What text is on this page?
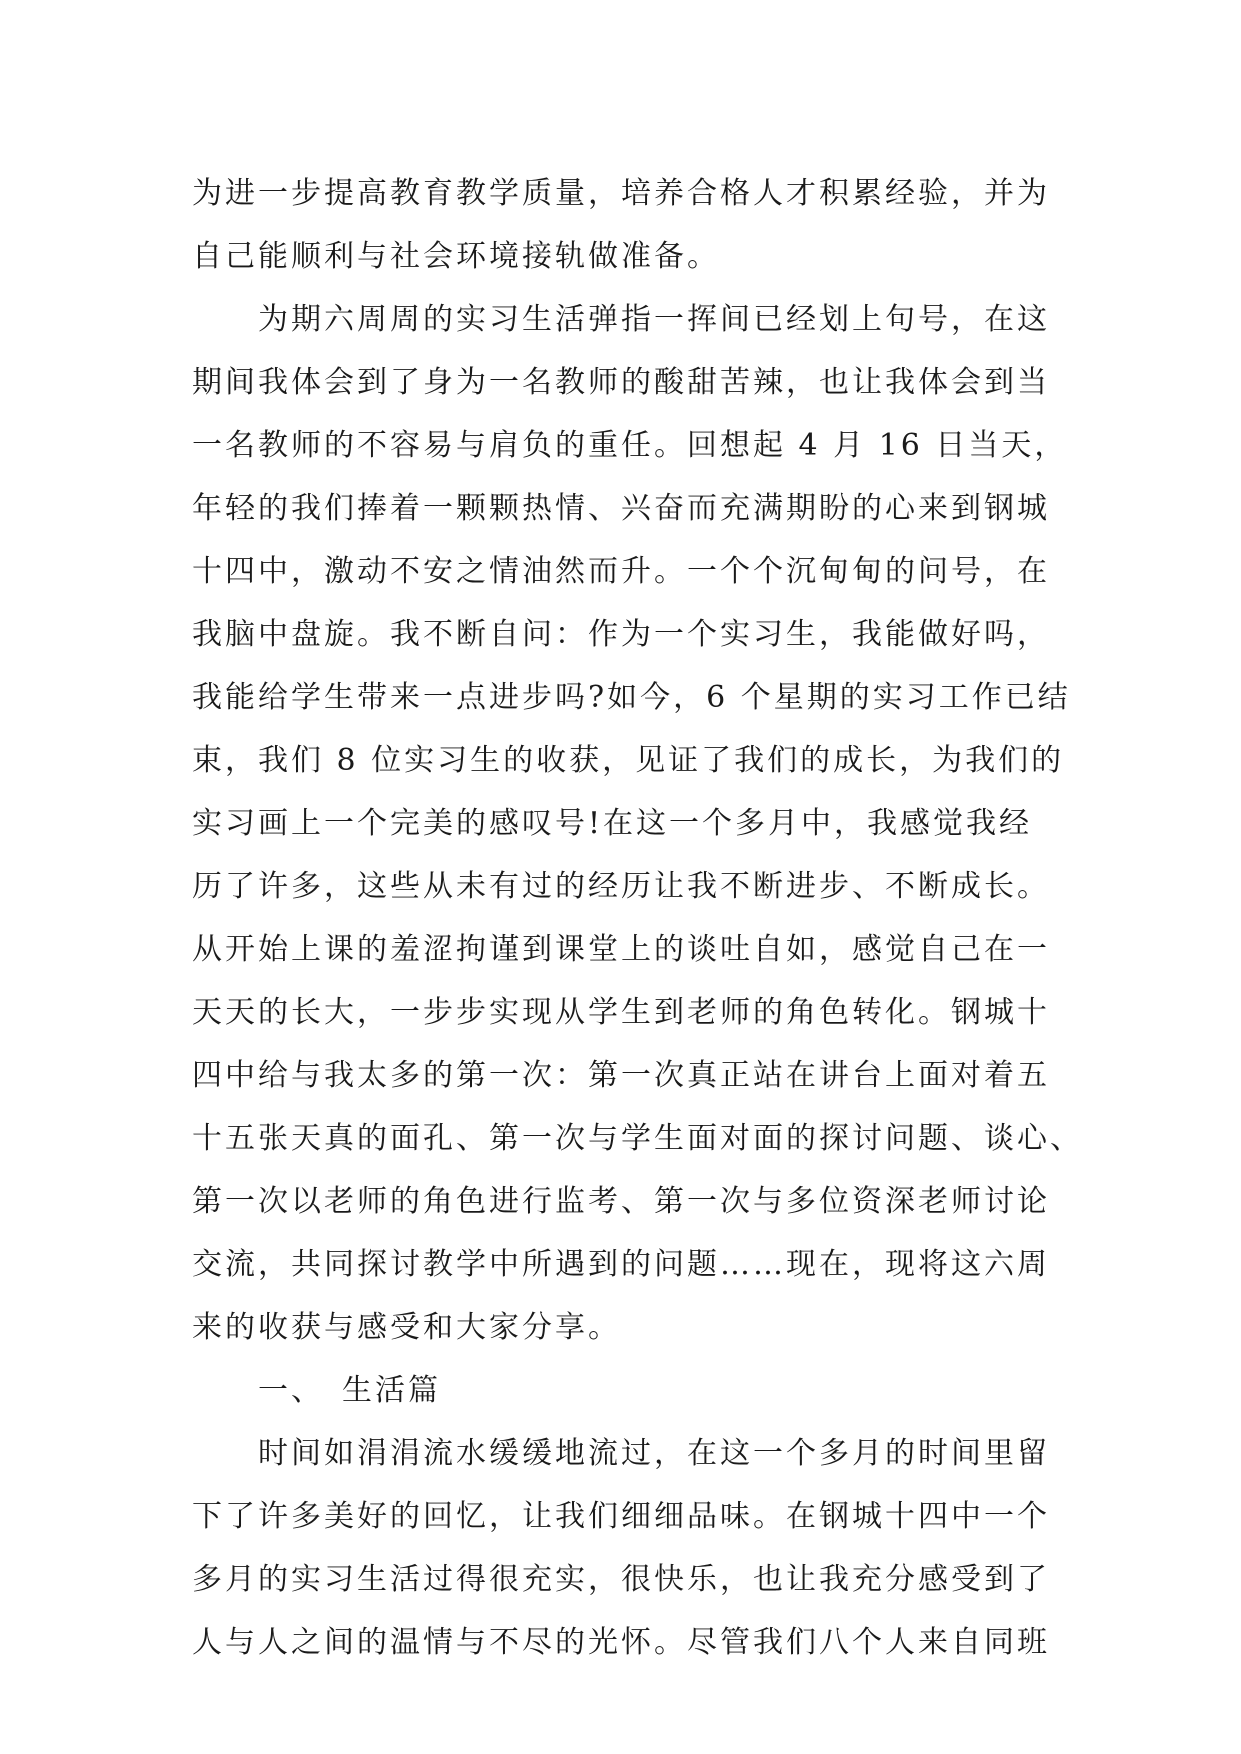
为进一步提高教育教学质量，培养合格人才积累经验，并为
自己能顺利与社会环境接轨做准备。
　　为期六周周的实习生活弹指一挥间已经划上句号，在这
期间我体会到了身为一名教师的酸甜苦辣，也让我体会到当
一名教师的不容易与肩负的重任。回想起 4 月 16 日当天，
年轻的我们捧着一颗颗热情、兴奋而充满期盼的心来到钢城
十四中，激动不安之情油然而升。一个个沉甸甸的问号，在
我脑中盘旋。我不断自问：作为一个实习生，我能做好吗，
我能给学生带来一点进步吗?如今，6 个星期的实习工作已结
束，我们 8 位实习生的收获，见证了我们的成长，为我们的
实习画上一个完美的感叹号!在这一个多月中，我感觉我经
历了许多，这些从未有过的经历让我不断进步、不断成长。
从开始上课的羞涩拘谨到课堂上的谈吐自如，感觉自己在一
天天的长大，一步步实现从学生到老师的角色转化。钢城十
四中给与我太多的第一次：第一次真正站在讲台上面对着五
十五张天真的面孔、第一次与学生面对面的探讨问题、谈心、
第一次以老师的角色进行监考、第一次与多位资深老师讨论
交流，共同探讨教学中所遇到的问题……现在，现将这六周
来的收获与感受和大家分享。
　　一、　生活篇
　　时间如涓涓流水缓缓地流过，在这一个多月的时间里留
下了许多美好的回忆，让我们细细品味。在钢城十四中一个
多月的实习生活过得很充实，很快乐，也让我充分感受到了
人与人之间的温情与不尽的光怀。尽管我们八个人来自同班
